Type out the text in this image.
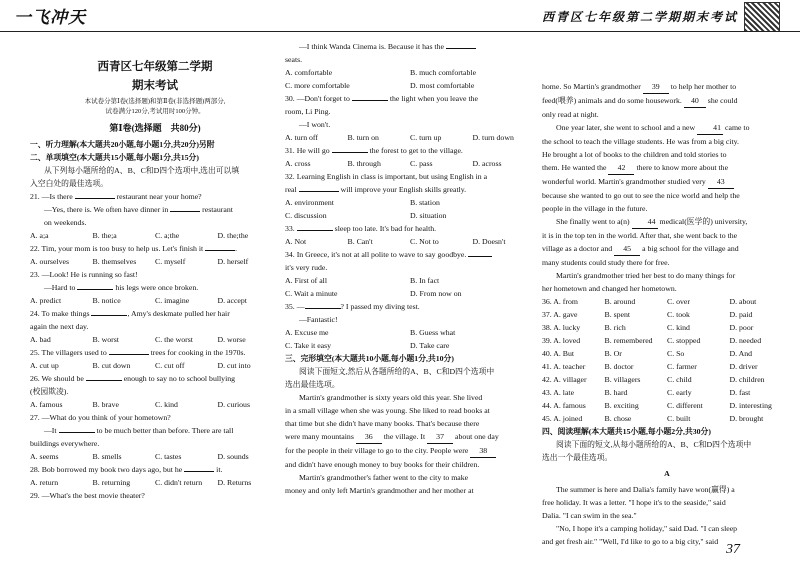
一飞冲天	西青区七年级第二学期期末考试
西青区七年级第二学期
期末考试
本试卷分第Ⅰ卷(选择题)和第Ⅱ卷(非选择题)两部分,
试卷满分120分,考试用时100分钟。
第Ⅰ卷(选择题　共80分)
一、听力理解(本大题共20小题,每小题1分,共20分)另附
二、单项填空(本大题共15小题,每小题1分,共15分)
从下列每小题所给的A、B、C和D四个选项中,选出可以填
入空白处的最佳选项。
21. —Is there	restaurant near your home?
—Yes, there is. We often have dinner in	restaurant
on weekends.
A. a;a	B. the;a	C. a;the	D. the;the
22. Tim, your mom is too busy to help us. Let's finish it	.
A. ourselves	B. themselves	C. myself	D. herself
23. —Look! He is running so fast!
—Hard to	his legs were once broken.
A. predict	B. notice	C. imagine	D. accept
24. To make things	, Amy's deskmate pulled her hair
again the next day.
A. bad	B. worst	C. the worst	D. worse
25. The villagers used to	trees for cooking in the 1970s.
A. cut up	B. cut down	C. cut off	D. cut into
26. We should be	enough to say no to school bullying
(校园欺凌).
A. famous	B. brave	C. kind	D. curious
27. —What do you think of your hometown?
—It	to be much better than before. There are tall
buildings everywhere.
A. seems	B. smells	C. tastes	D. sounds
28. Bob borrowed my book two days ago, but he	it.
A. return	B. returning	C. didn't return	D. Returns
29. —What's the best movie theater?
—I think Wanda Cinema is. Because it has the
seats.
A. comfortable	B. much comfortable
C. more comfortable	D. most comfortable
30. —Don't forget to	the light when you leave the
room, Li Ping.
—I won't.
A. turn off	B. turn on	C. turn up	D. turn down
31. He will go	the forest to get to the village.
A. cross	B. through	C. pass	D. across
32. Learning English in class is important, but using English in a
real	will improve your English skills greatly.
A. environment	B. station
C. discussion	D. situation
33.	sleep too late. It's bad for health.
A. Not	B. Can't	C. Not to	D. Doesn't
34. In Greece, it's not at all polite to wave to say goodbye.
it's very rude.
A. First of all	B. In fact
C. Wait a minute	D. From now on
35. —	? I passed my diving test.
—Fantastic!
A. Excuse me	B. Guess what
C. Take it easy	D. Take care
三、完形填空(本大题共10小题,每小题1分,共10分)
阅读下面短文,然后从各题所给的A、B、C和D四个选项中
选出最佳选项。
Martin's grandmother is sixty years old this year. She lived
in a small village when she was young. She liked to read books at
that time but she didn't have many books. That's because there
were many mountains 36 the village. It 37 about one day
for the people in their village to go to the city. People were 38
and didn't have enough money to buy books for their children.
Martin's grandmother's father went to the city to make
money and only left Martin's grandmother and her mother at
home. So Martin's grandmother 39 to help her mother to
feed(喂养) animals and do some housework. 40 she could
only read at night.
One year later, she went to school and a new 41 came to
the school to teach the village students. He was from a big city.
He brought a lot of books to the children and told stories to
them. He wanted the 42 there to know more about the
wonderful world. Martin's grandmother studied very 43
because she wanted to go out to see the nice world and help the
people in the village in the future.
She finally went to a(n) 44 medical(医学的) university,
it is in the top ten in the world. After that, she went back to the
village as a doctor and 45 a big school for the village and
many students could study there for free.
Martin's grandmother tried her best to do many things for
her hometown and changed her hometown.
36. A. from	B. around	C. over	D. about
37. A. gave	B. spent	C. took	D. paid
38. A. lucky	B. rich	C. kind	D. poor
39. A. loved	B. remembered	C. stopped	D. needed
40. A. But	B. Or	C. So	D. And
41. A. teacher	B. doctor	C. farmer	D. driver
42. A. villager	B. villagers	C. child	D. children
43. A. late	B. hard	C. early	D. fast
44. A. famous	B. exciting	C. different	D. interesting
45. A. joined	B. chose	C. built	D. brought
四、阅读理解(本大题共15小题,每小题2分,共30分)
阅读下面的短文,从每小题所给的A、B、C和D四个选项中
选出一个最佳选项。
A
The summer is here and Dalia's family have won(赢得) a
free holiday. It was a letter. "I hope it's to the seaside," said
Dalia. "I can swim in the sea."
"No, I hope it's a camping holiday," said Dad. "I can sleep
and get fresh air." "Well, I'd like to go to a big city," said
37
